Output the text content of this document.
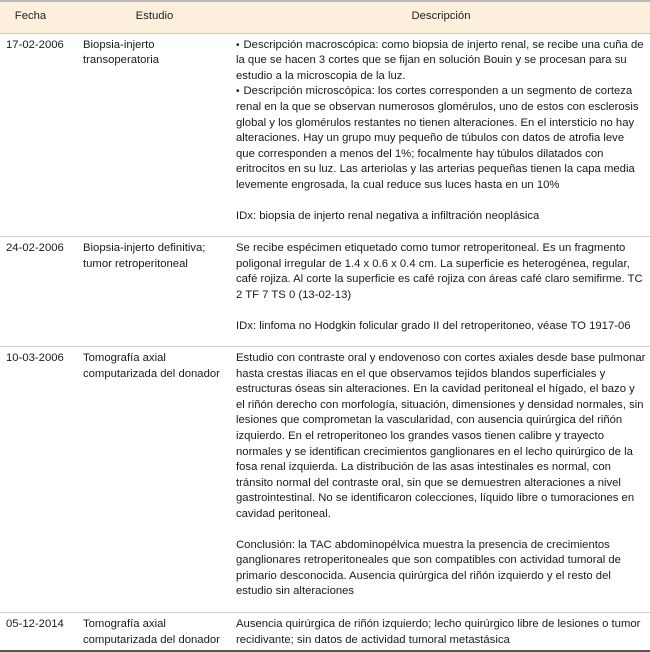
Fecha	Estudio	Descripción
17-02-2006	Biopsia-injerto transoperatoria	• Descripción macroscópica: como biopsia de injerto renal, se recibe una cuña de la que se hacen 3 cortes que se fijan en solución Bouin y se procesan para su estudio a la microscopia de la luz.

• Descripción microscópica: los cortes corresponden a un segmento de corteza renal en la que se observan numerosos glomérulos, uno de estos con esclerosis global y los glomérulos restantes no tienen alteraciones. En el intersticio no hay alteraciones. Hay un grupo muy pequeño de túbulos con datos de atrofia leve que corresponden a menos del 1%; focalmente hay túbulos dilatados con eritrocitos en su luz. Las arteriolas y las arterias pequeñas tienen la capa media levemente engrosada, la cual reduce sus luces hasta en un 10%

IDx: biopsia de injerto renal negativa a infiltración neoplásica

24-02-2006	Biopsia-injerto definitiva; tumor retroperitoneal	Se recibe espécimen etiquetado como tumor retroperitoneal. Es un fragmento poligonal irregular de 1.4 x 0.6 x 0.4 cm. La superficie es heterogénea, regular, café rojiza. Al corte la superficie es café rojiza con áreas café claro semifirme. TC 2 TF 7 TS 0 (13-02-13)

IDx: linfoma no Hodgkin folicular grado II del retroperitoneo, véase TO 1917-06

10-03-2006	Tomografía axial computarizada del donador	Estudio con contraste oral y endovenoso con cortes axiales desde base pulmonar hasta crestas iliacas en el que observamos tejidos blandos superficiales y estructuras óseas sin alteraciones. En la cavidad peritoneal el hígado, el bazo y el riñón derecho con morfología, situación, dimensiones y densidad normales, sin lesiones que comprometan la vascularidad, con ausencia quirúrgica del riñón izquierdo. En el retroperitoneo los grandes vasos tienen calibre y trayecto normales y se identifican crecimientos ganglionares en el lecho quirúrgico de la fosa renal izquierda. La distribución de las asas intestinales es normal, con tránsito normal del contraste oral, sin que se demuestren alteraciones a nivel gastrointestinal. No se identificaron colecciones, líquido libre o tumoraciones en cavidad peritoneal.

Conclusión: la TAC abdominopélvica muestra la presencia de crecimientos ganglionares retroperitoneales que son compatibles con actividad tumoral de primario desconocida. Ausencia quirúrgica del riñón izquierdo y el resto del estudio sin alteraciones

05-12-2014	Tomografía axial computarizada del donador	Ausencia quirúrgica de riñón izquierdo; lecho quirúrgico libre de lesiones o tumor recidivante; sin datos de actividad tumoral metastásica
